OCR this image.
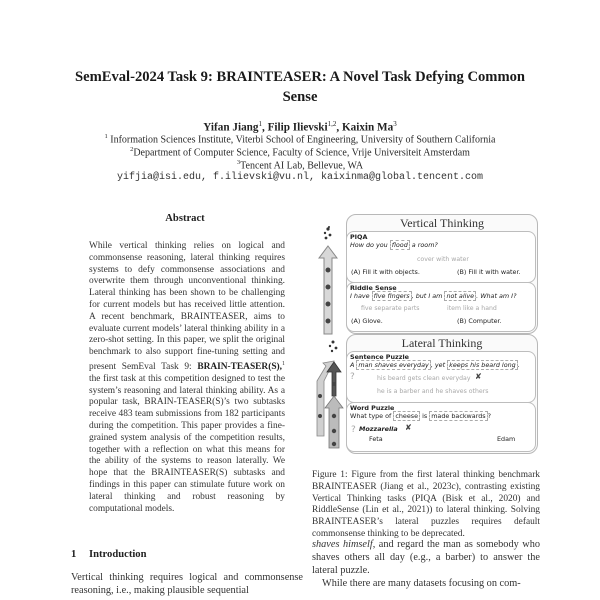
SemEval-2024 Task 9: BRAINTEASER: A Novel Task Defying Common
Sense
Yifan Jiang$^1$, Filip Ilievski$^{1,2}$, Kaixin Ma$^3$
$^1$ Information Sciences Institute, Viterbi School of Engineering, University of Southern California
$^2$Department of Computer Science, Faculty of Science, Vrije Universiteit Amsterdam
$^3$Tencent AI Lab, Bellevue, WA
yifjia@isi.edu, f.ilievski@vu.nl, kaixinma@global.tencent.com
Abstract
While vertical thinking relies on logical and commonsense reasoning, lateral thinking requires systems to defy commonsense associations and overwrite them through unconventional thinking. Lateral thinking has been shown to be challenging for current models but has received little attention. A recent benchmark, BRAINTEASER, aims to evaluate current models’ lateral thinking ability in a zero-shot setting. In this paper, we split the original benchmark to also support fine-tuning setting and present SemEval Task 9: BRAIN-TEASER(S),$^1$ the first task at this competition designed to test the system’s reasoning and lateral thinking ability. As a popular task, BRAIN-TEASER(S)’s two subtasks receive 483 team submissions from 182 participants during the competition. This paper provides a fine-grained system analysis of the competition results, together with a reflection on what this means for the ability of the systems to reason laterally. We hope that the BRAINTEASER(S) subtasks and findings in this paper can stimulate future work on lateral thinking and robust reasoning by computational models.
1 Introduction
Vertical thinking requires logical and commonsense reasoning, i.e., making plausible sequential
Vertical Thinking
PIQA
How do you flood a room?
cover with water
(A) Fill it with objects.	(B) Fill it with water.
Riddle Sense
I have five fingers , but I am not alive . What am I?
five separate parts	item like a hand
(A) Glove.	(B) Computer.
Lateral Thinking
Sentence Puzzle
A man shaves everyday , yet keeps his beard long .
?	his beard gets clean everyday ✘
he is a barber and he shaves others
Word Puzzle
What type of cheese is made backwards ?
? Mozzarella
Feta
✘
Edam
Figure 1: Figure from the first lateral thinking benchmark BRAINTEASER (Jiang et al., 2023c), contrasting existing Vertical Thinking tasks (PIQA (Bisk et al., 2020) and RiddleSense (Lin et al., 2021)) to lateral thinking. Solving BRAINTEASER’s lateral puzzles requires default commonsense thinking to be deprecated.
shaves himself, and regard the man as somebody who shaves others all day (e.g., a barber) to answer the lateral puzzle.
While there are many datasets focusing on com-
